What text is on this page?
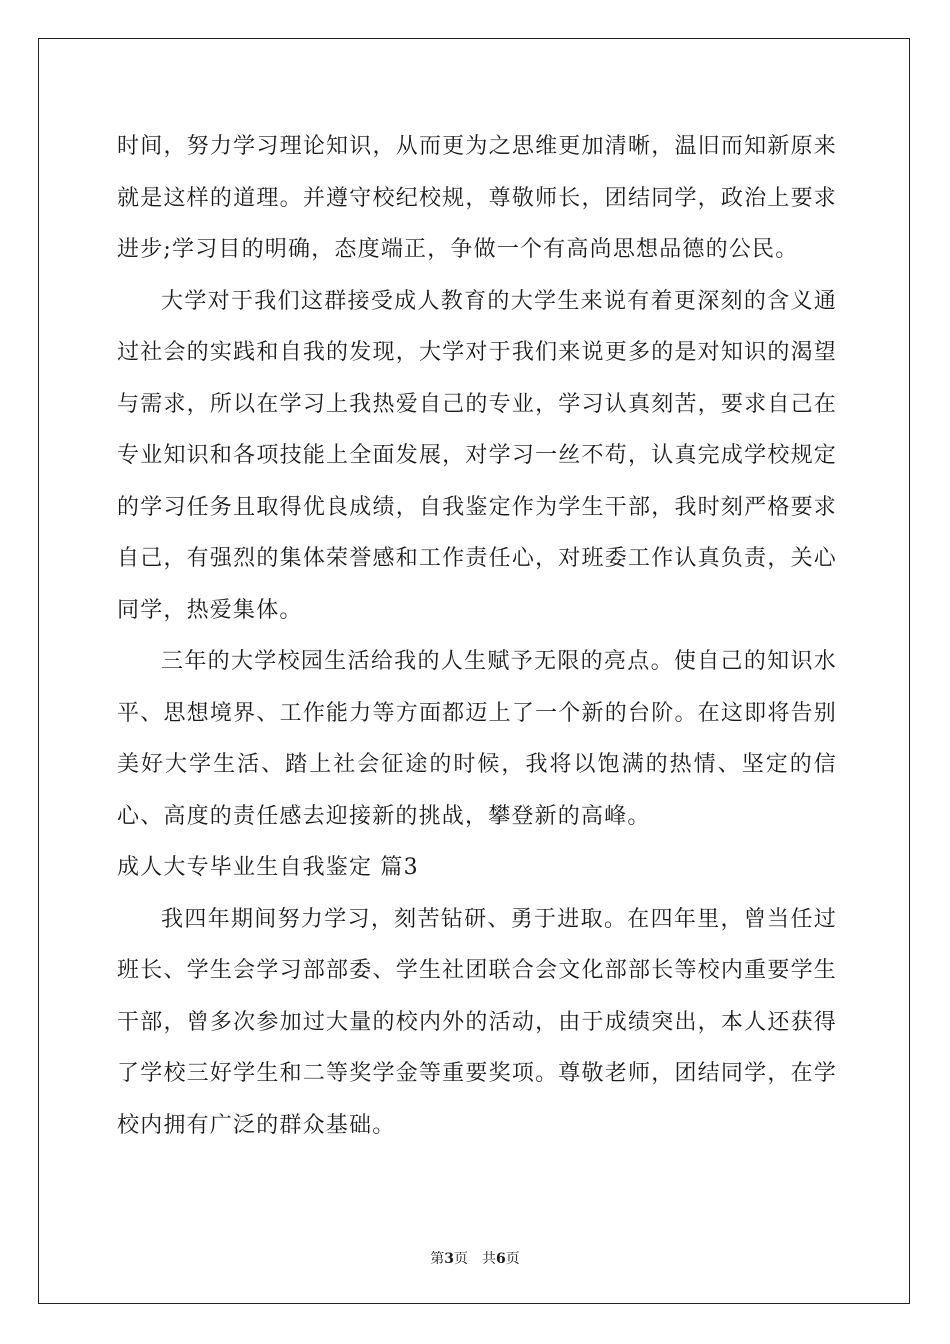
时间，努力学习理论知识，从而更为之思维更加清晰，温旧而知新原来就是这样的道理。并遵守校纪校规，尊敬师长，团结同学，政治上要求进步;学习目的明确，态度端正，争做一个有高尚思想品德的公民。

大学对于我们这群接受成人教育的大学生来说有着更深刻的含义通过社会的实践和自我的发现，大学对于我们来说更多的是对知识的渴望与需求，所以在学习上我热爱自己的专业，学习认真刻苦，要求自己在专业知识和各项技能上全面发展，对学习一丝不苟，认真完成学校规定的学习任务且取得优良成绩，自我鉴定作为学生干部，我时刻严格要求自己，有强烈的集体荣誉感和工作责任心，对班委工作认真负责，关心同学，热爱集体。

三年的大学校园生活给我的人生赋予无限的亮点。使自己的知识水平、思想境界、工作能力等方面都迈上了一个新的台阶。在这即将告别美好大学生活、踏上社会征途的时候，我将以饱满的热情、坚定的信心、高度的责任感去迎接新的挑战，攀登新的高峰。

成人大专毕业生自我鉴定 篇3

我四年期间努力学习，刻苦钻研、勇于进取。在四年里，曾当任过班长、学生会学习部部委、学生社团联合会文化部部长等校内重要学生干部，曾多次参加过大量的校内外的活动，由于成绩突出，本人还获得了学校三好学生和二等奖学金等重要奖项。尊敬老师，团结同学，在学校内拥有广泛的群众基础。

第3页　共6页
